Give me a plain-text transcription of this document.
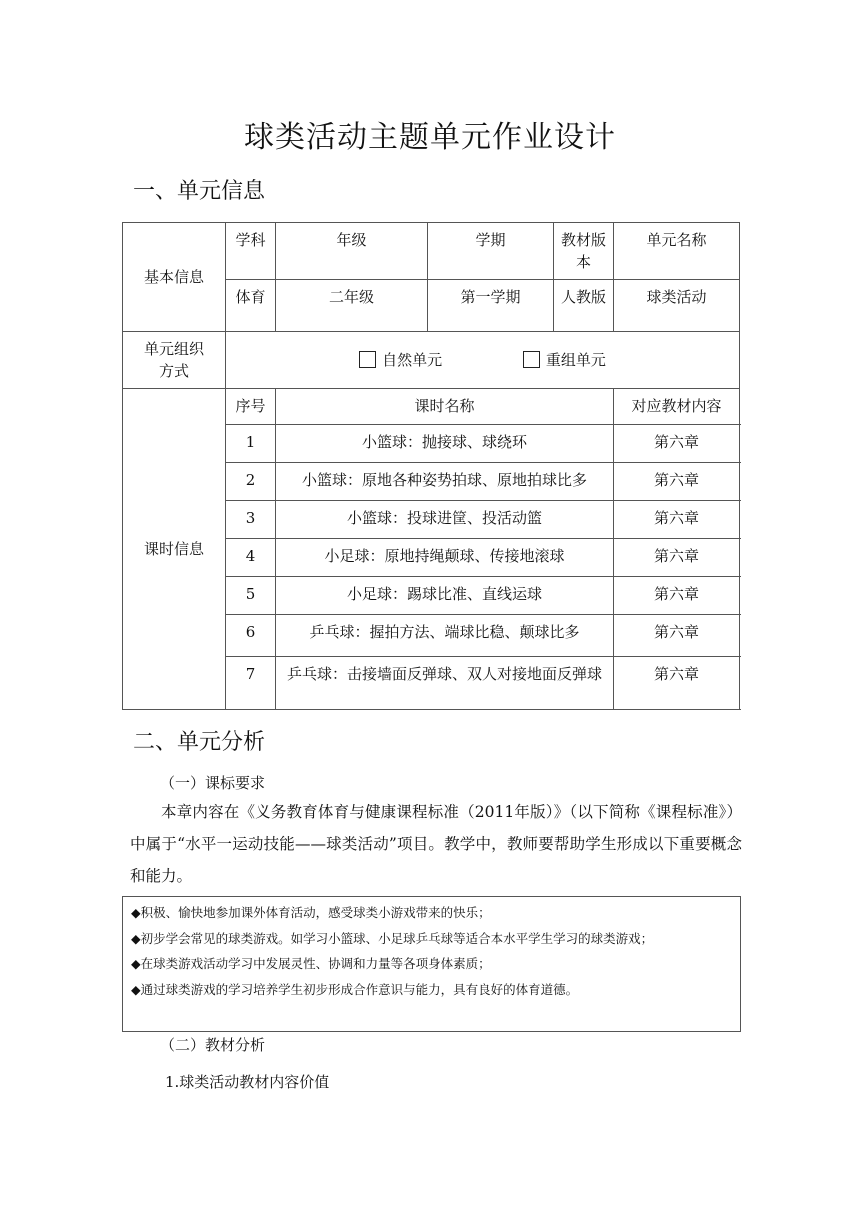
球类活动主题单元作业设计
一、单元信息
基本信息	学科	年级	学期	教材版本	单元名称
	体育	二年级	第一学期	人教版	球类活动
单元组织方式	自然单元 重组单元				
课时信息	序号	课时名称			对应教材内容
	1	小篮球：抛接球、球绕环			第六章
	2	小篮球：原地各种姿势拍球、原地拍球比多			第六章
	3	小篮球：投球进筐、投活动篮			第六章
	4	小足球：原地持绳颠球、传接地滚球			第六章
	5	小足球：踢球比准、直线运球			第六章
	6	乒乓球：握拍方法、端球比稳、颠球比多			第六章
	7	乒乓球：击接墙面反弹球、双人对接地面反弹球			第六章
二、单元分析
（一）课标要求
本章内容在《义务教育体育与健康课程标准（2011年版）》（以下简称《课程标准》）中属于“水平一运动技能——球类活动”项目。教学中，教师要帮助学生形成以下重要概念和能力。

◆积极、愉快地参加课外体育活动，感受球类小游戏带来的快乐；

◆初步学会常见的球类游戏。如学习小篮球、小足球乒乓球等适合本水平学生学习的球类游戏；

◆在球类游戏活动学习中发展灵性、协调和力量等各项身体素质；

◆通过球类游戏的学习培养学生初步形成合作意识与能力，具有良好的体育道德。

（二）教材分析
1.球类活动教材内容价值
